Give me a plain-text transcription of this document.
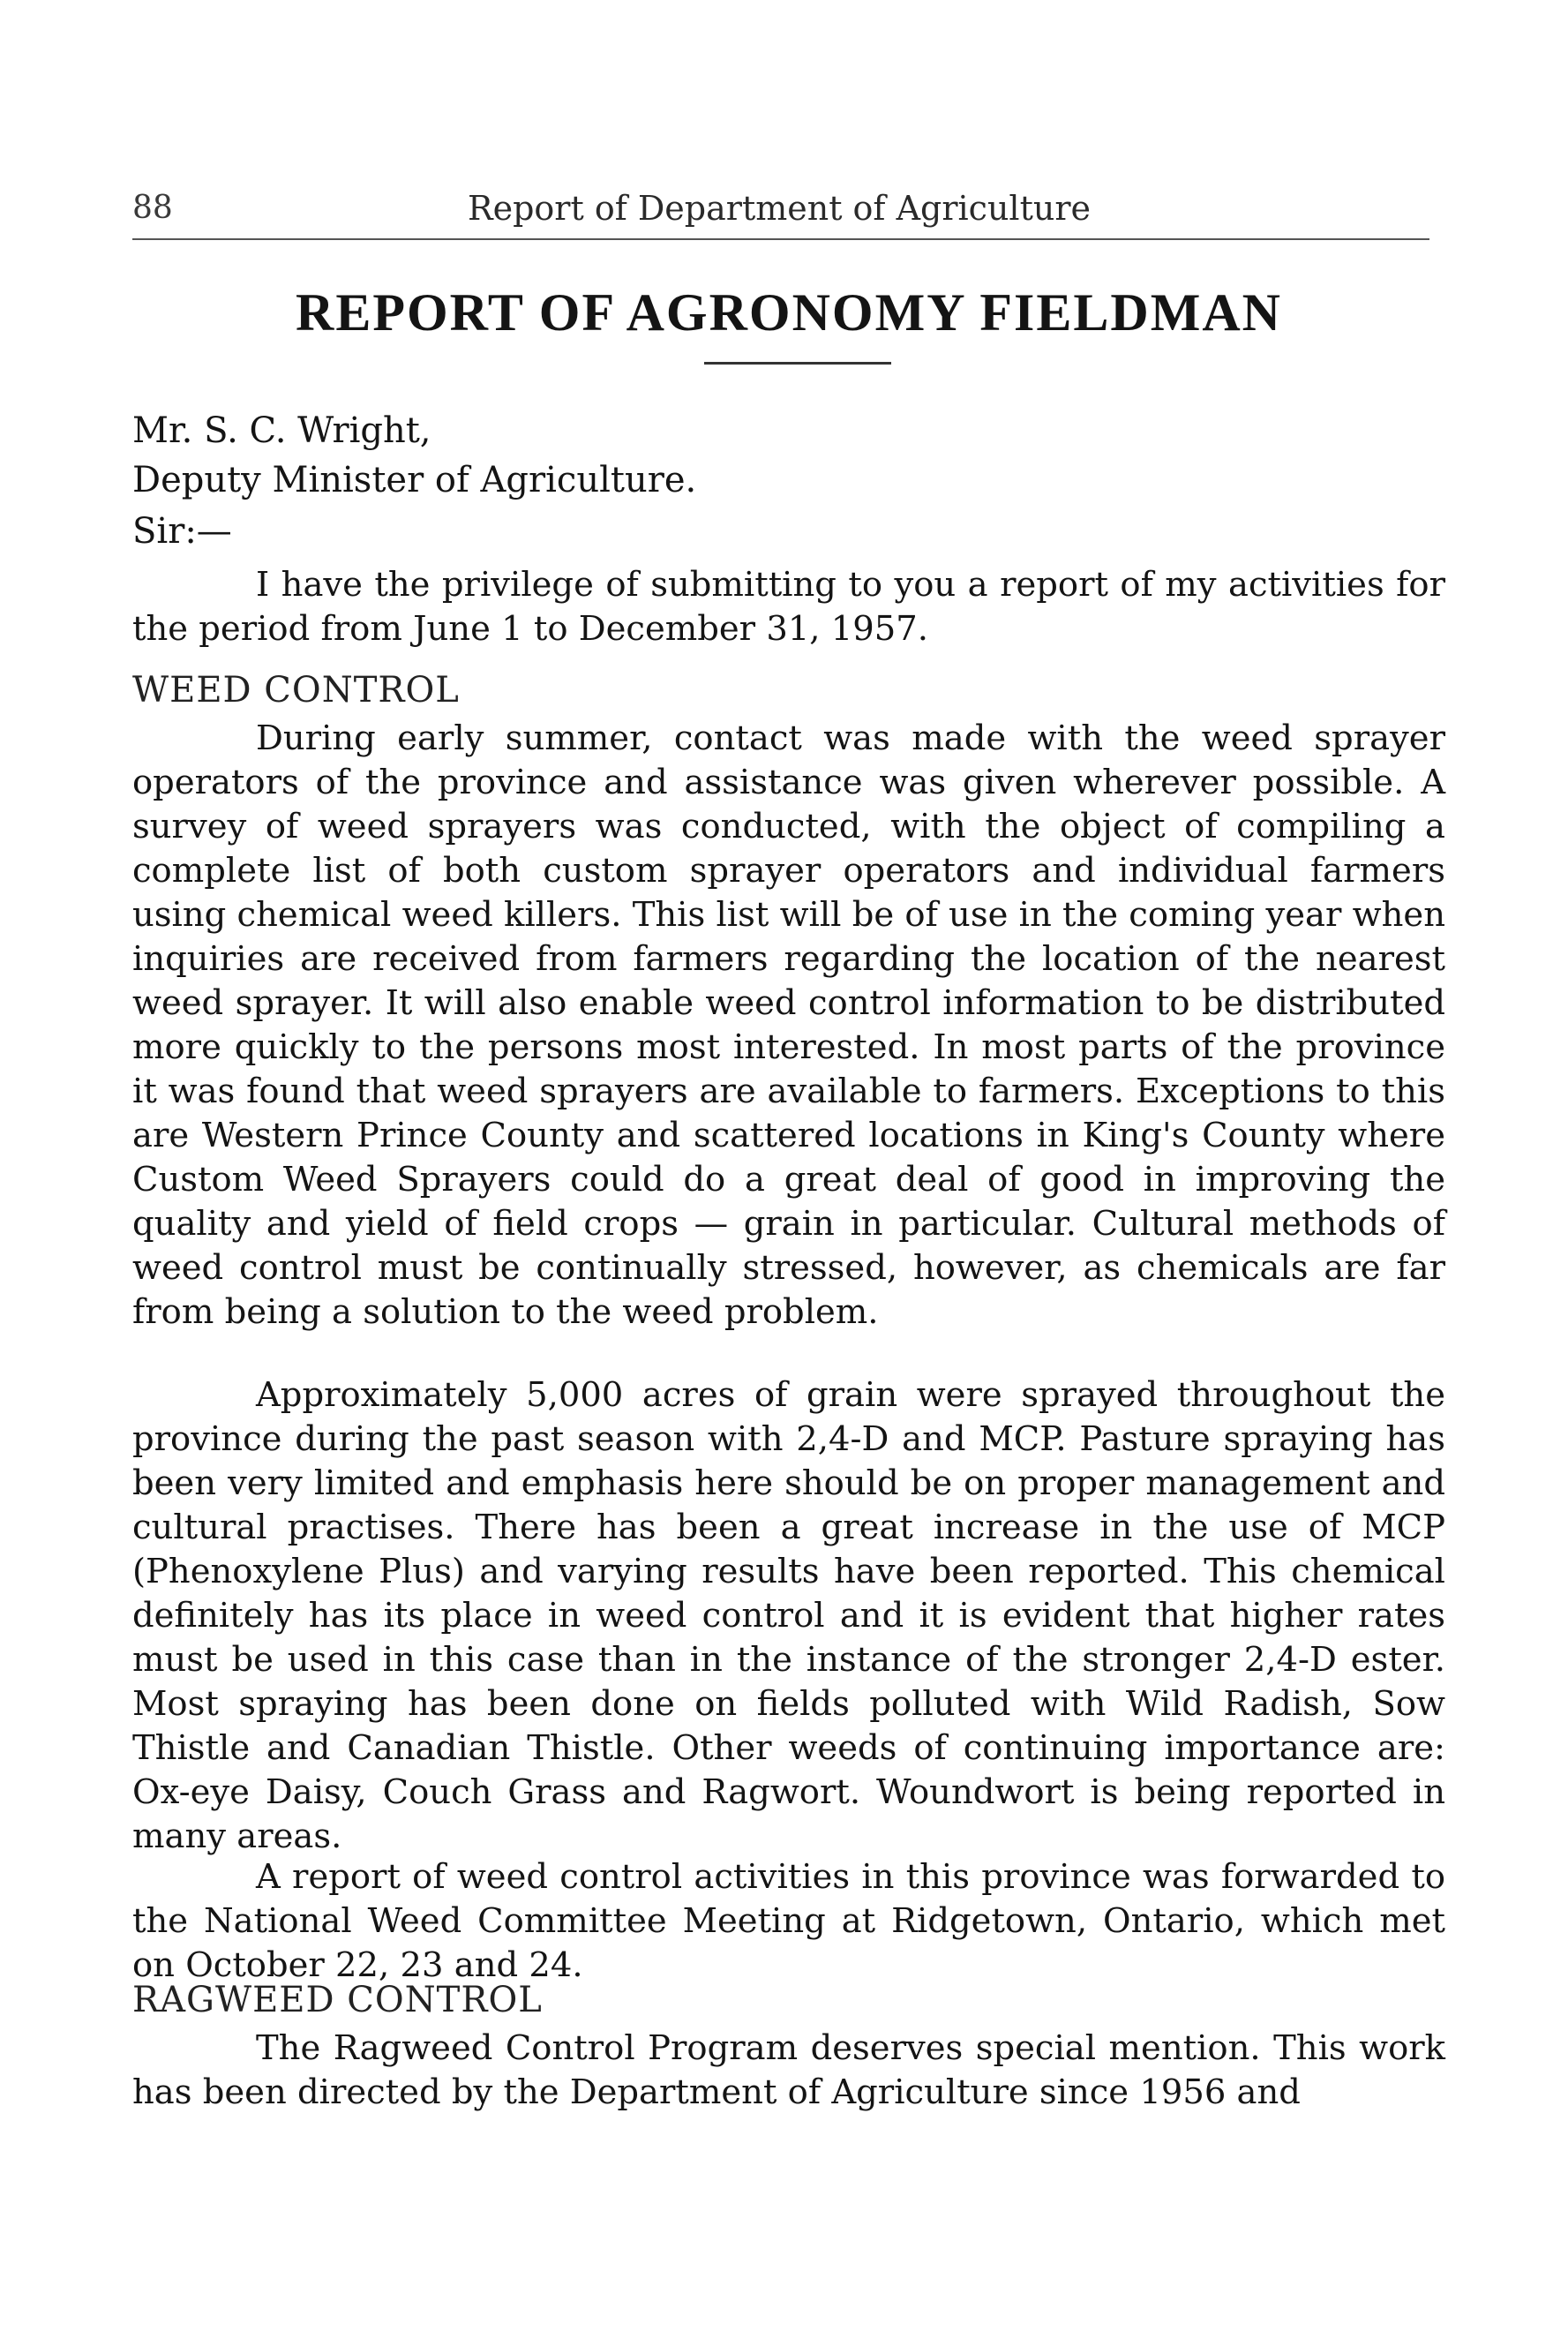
88	Report of Department of Agriculture
REPORT OF AGRONOMY FIELDMAN
Mr. S. C. Wright,
Deputy Minister of Agriculture.
Sir:—

I have the privilege of submitting to you a report of my activities for the period from June 1 to December 31, 1957.

WEED CONTROL

During early summer, contact was made with the weed sprayer operators of the province and assistance was given wherever possible. A survey of weed sprayers was conducted, with the object of compiling a complete list of both custom sprayer operators and individual farmers using chemical weed killers. This list will be of use in the coming year when inquiries are received from farmers regarding the location of the nearest weed sprayer. It will also enable weed control information to be distributed more quickly to the persons most interested. In most parts of the province it was found that weed sprayers are available to farmers. Exceptions to this are Western Prince County and scattered locations in King's County where Custom Weed Sprayers could do a great deal of good in improving the quality and yield of field crops — grain in particular. Cultural methods of weed control must be continually stressed, however, as chemicals are far from being a solution to the weed problem.

Approximately 5,000 acres of grain were sprayed throughout the province during the past season with 2,4-D and MCP. Pasture spraying has been very limited and emphasis here should be on proper management and cultural practises. There has been a great increase in the use of MCP (Phenoxylene Plus) and varying results have been reported. This chemical definitely has its place in weed control and it is evident that higher rates must be used in this case than in the instance of the stronger 2,4-D ester. Most spraying has been done on fields polluted with Wild Radish, Sow Thistle and Canadian Thistle. Other weeds of continuing importance are: Ox-eye Daisy, Couch Grass and Ragwort. Woundwort is being reported in many areas.

A report of weed control activities in this province was forwarded to the National Weed Committee Meeting at Ridgetown, Ontario, which met on October 22, 23 and 24.

RAGWEED CONTROL

The Ragweed Control Program deserves special mention. This work has been directed by the Department of Agriculture since 1956 and
